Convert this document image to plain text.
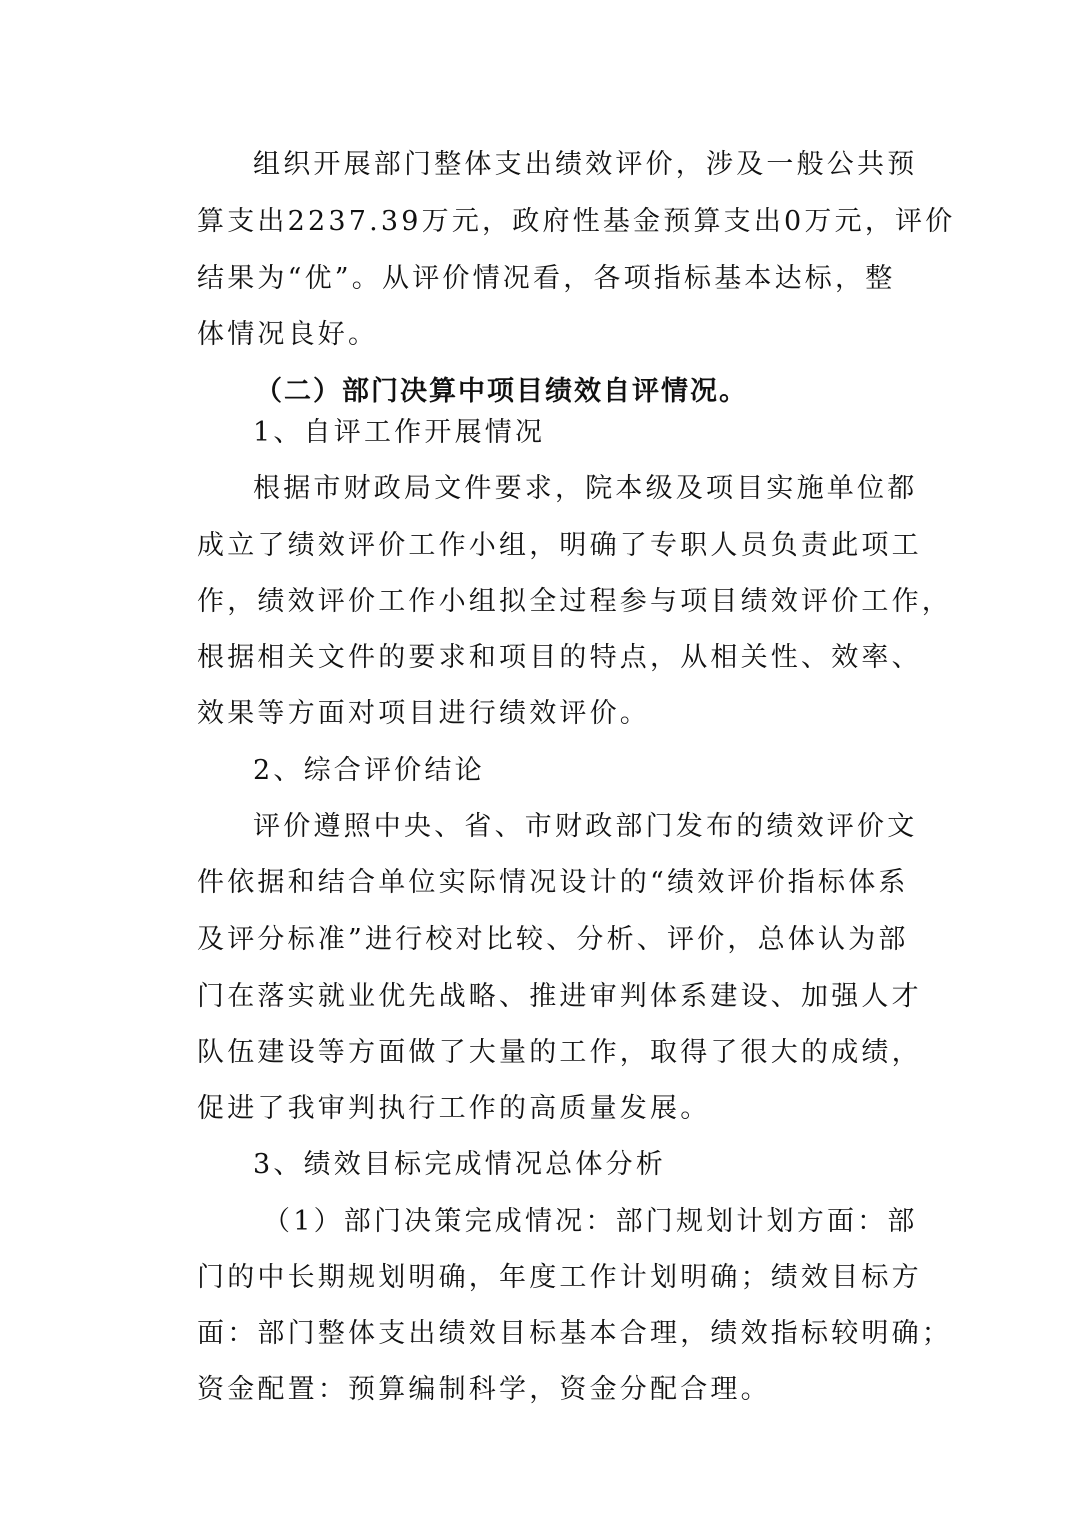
组织开展部门整体支出绩效评价，涉及一般公共预
算支出2237.39万元，政府性基金预算支出0万元，评价
结果为“优”。从评价情况看，各项指标基本达标，整
体情况良好。
（二）部门决算中项目绩效自评情况。
1、自评工作开展情况
根据市财政局文件要求，院本级及项目实施单位都
成立了绩效评价工作小组，明确了专职人员负责此项工
作，绩效评价工作小组拟全过程参与项目绩效评价工作，
根据相关文件的要求和项目的特点，从相关性、效率、
效果等方面对项目进行绩效评价。
2、综合评价结论
评价遵照中央、省、市财政部门发布的绩效评价文
件依据和结合单位实际情况设计的“绩效评价指标体系
及评分标准”进行校对比较、分析、评价，总体认为部
门在落实就业优先战略、推进审判体系建设、加强人才
队伍建设等方面做了大量的工作，取得了很大的成绩，
促进了我审判执行工作的高质量发展。
3、绩效目标完成情况总体分析
（1）部门决策完成情况：部门规划计划方面：部
门的中长期规划明确，年度工作计划明确；绩效目标方
面：部门整体支出绩效目标基本合理，绩效指标较明确；
资金配置：预算编制科学，资金分配合理。
